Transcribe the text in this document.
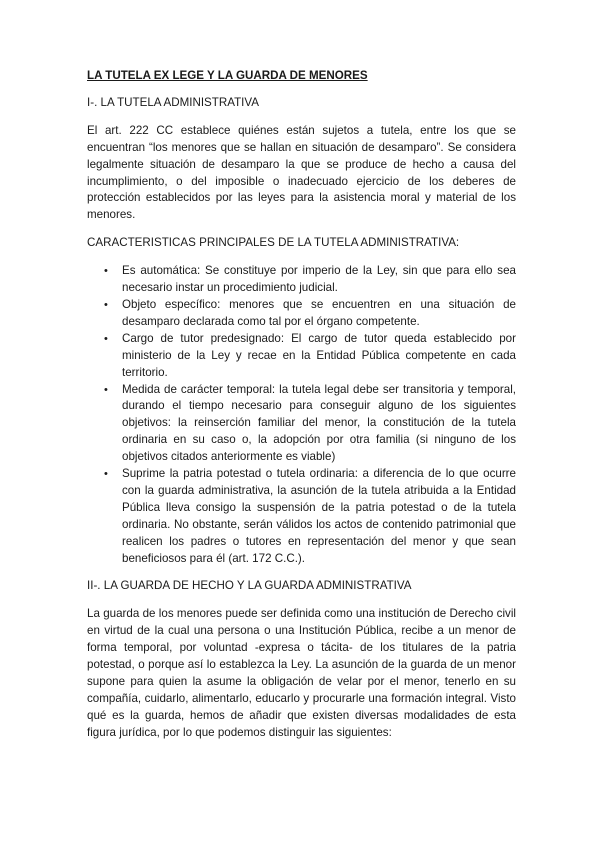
LA TUTELA EX LEGE Y LA GUARDA DE MENORES

I-. LA TUTELA ADMINISTRATIVA

El art. 222 CC establece quiénes están sujetos a tutela, entre los que se encuentran “los menores que se hallan en situación de desamparo”. Se considera legalmente situación de desamparo la que se produce de hecho a causa del incumplimiento, o del imposible o inadecuado ejercicio de los deberes de protección establecidos por las leyes para la asistencia moral y material de los menores.

CARACTERISTICAS PRINCIPALES DE LA TUTELA ADMINISTRATIVA:

• Es automática: Se constituye por imperio de la Ley, sin que para ello sea necesario instar un procedimiento judicial.
• Objeto específico: menores que se encuentren en una situación de desamparo declarada como tal por el órgano competente.
• Cargo de tutor predesignado: El cargo de tutor queda establecido por ministerio de la Ley y recae en la Entidad Pública competente en cada territorio.
• Medida de carácter temporal: la tutela legal debe ser transitoria y temporal, durando el tiempo necesario para conseguir alguno de los siguientes objetivos: la reinserción familiar del menor, la constitución de la tutela ordinaria en su caso o, la adopción por otra familia (si ninguno de los objetivos citados anteriormente es viable)
• Suprime la patria potestad o tutela ordinaria: a diferencia de lo que ocurre con la guarda administrativa, la asunción de la tutela atribuida a la Entidad Pública lleva consigo la suspensión de la patria potestad o de la tutela ordinaria. No obstante, serán válidos los actos de contenido patrimonial que realicen los padres o tutores en representación del menor y que sean beneficiosos para él (art. 172 C.C.).

II-. LA GUARDA DE HECHO Y LA GUARDA ADMINISTRATIVA

La guarda de los menores puede ser definida como una institución de Derecho civil en virtud de la cual una persona o una Institución Pública, recibe a un menor de forma temporal, por voluntad -expresa o tácita- de los titulares de la patria potestad, o porque así lo establezca la Ley. La asunción de la guarda de un menor supone para quien la asume la obligación de velar por el menor, tenerlo en su compañía, cuidarlo, alimentarlo, educarlo y procurarle una formación integral. Visto qué es la guarda, hemos de añadir que existen diversas modalidades de esta figura jurídica, por lo que podemos distinguir las siguientes:
